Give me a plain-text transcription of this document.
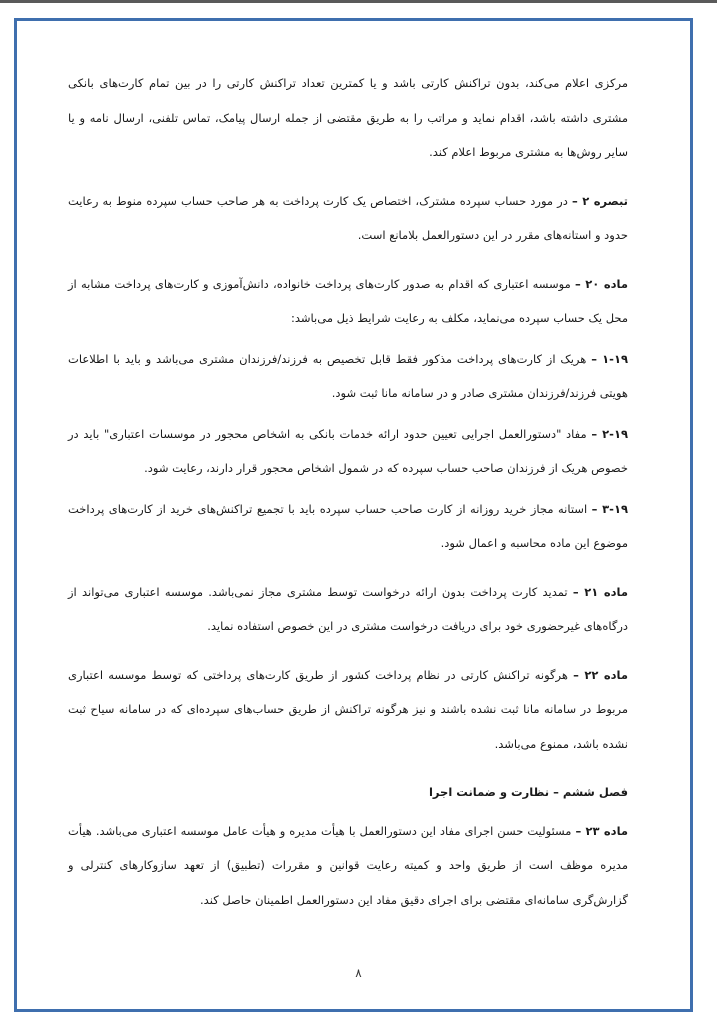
مرکزی اعلام می‌کند، بدون تراکنش کارتی باشد و یا کمترین تعداد تراکنش کارتی را در بین تمام کارت‌های بانکی مشتری داشته باشد، اقدام نماید و مراتب را به طریق مقتضی از جمله ارسال پیامک، تماس تلفنی، ارسال نامه و یا سایر روش‌ها به مشتری مربوط اعلام کند.

تبصره ۲ – در مورد حساب سپرده مشترک، اختصاص یک کارت پرداخت به هر صاحب حساب سپرده منوط به رعایت حدود و استانه‌های مقرر در این دستورالعمل بلامانع است.

ماده ۲۰ – موسسه اعتباری که اقدام به صدور کارت‌های پرداخت خانواده، دانش‌آموزی و کارت‌های پرداخت مشابه از محل یک حساب سپرده می‌نماید، مکلف به رعایت شرایط ذیل می‌باشد:

۱-۱۹ – هریک از کارت‌های پرداخت مذکور فقط قابل تخصیص به فرزند/فرزندان مشتری می‌باشد و باید با اطلاعات هویتی فرزند/فرزندان مشتری صادر و در سامانه مانا ثبت شود.

۲-۱۹ – مفاد "دستورالعمل اجرایی تعیین حدود ارائه خدمات بانکی به اشخاص محجور در موسسات اعتباری" باید در خصوص هریک از فرزندان صاحب حساب سپرده که در شمول اشخاص محجور قرار دارند، رعایت شود.

۳-۱۹ – استانه مجاز خرید روزانه از کارت صاحب حساب سپرده باید با تجمیع تراکنش‌های خرید از کارت‌های پرداخت موضوع این ماده محاسبه و اعمال شود.

ماده ۲۱ – تمدید کارت پرداخت بدون ارائه درخواست توسط مشتری مجاز نمی‌باشد. موسسه اعتباری می‌تواند از درگاه‌های غیرحضوری خود برای دریافت درخواست مشتری در این خصوص استفاده نماید.

ماده ۲۲ – هرگونه تراکنش کارتی در نظام پرداخت کشور از طریق کارت‌های پرداختی که توسط موسسه اعتباری مربوط در سامانه مانا ثبت نشده باشند و نیز هرگونه تراکنش از طریق حساب‌های سپرده‌ای که در سامانه سیاح ثبت نشده باشد، ممنوع می‌باشد.

فصل ششم – نظارت و ضمانت اجرا

ماده ۲۳ – مسئولیت حسن اجرای مفاد این دستورالعمل با هیأت مدیره و هیأت عامل موسسه اعتباری می‌باشد. هیأت مدیره موظف است از طریق واحد و کمیته رعایت قوانین و مقررات (تطبیق) از تعهد سازوکارهای کنترلی و گزارش‌گری سامانه‌ای مقتضی برای اجرای دقیق مفاد این دستورالعمل اطمینان حاصل کند.

۸
